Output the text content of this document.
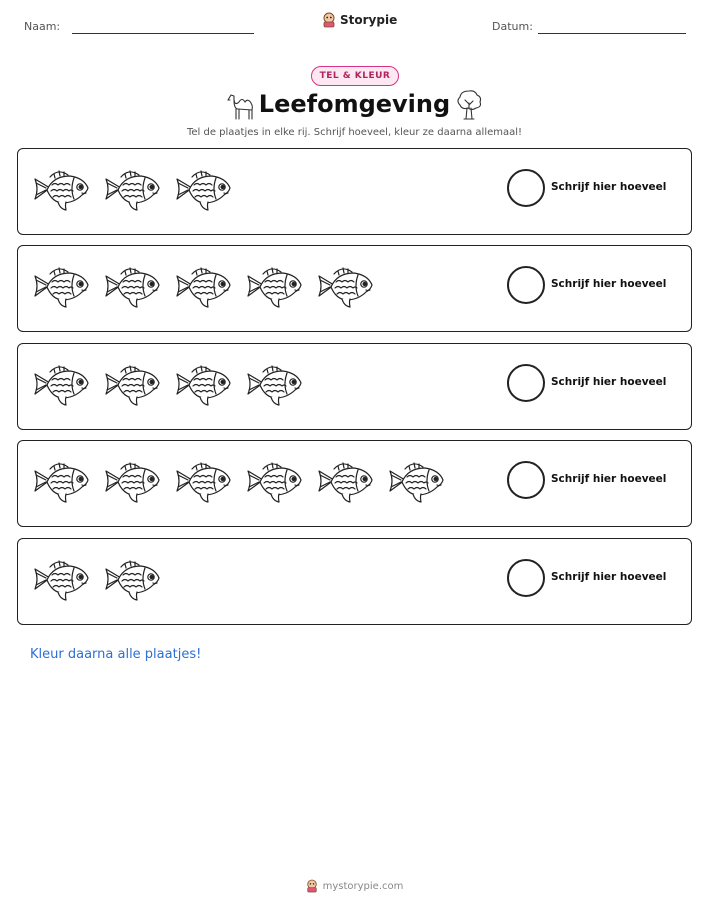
Naam:	Storypie	Datum:
TEL & KLEUR
Leefomgeving
Tel de plaatjes in elke rij. Schrijf hoeveel, kleur ze daarna allemaal!
Schrijf hier hoeveel
Schrijf hier hoeveel
Schrijf hier hoeveel
Schrijf hier hoeveel
Schrijf hier hoeveel
Kleur daarna alle plaatjes!
mystorypie.com
